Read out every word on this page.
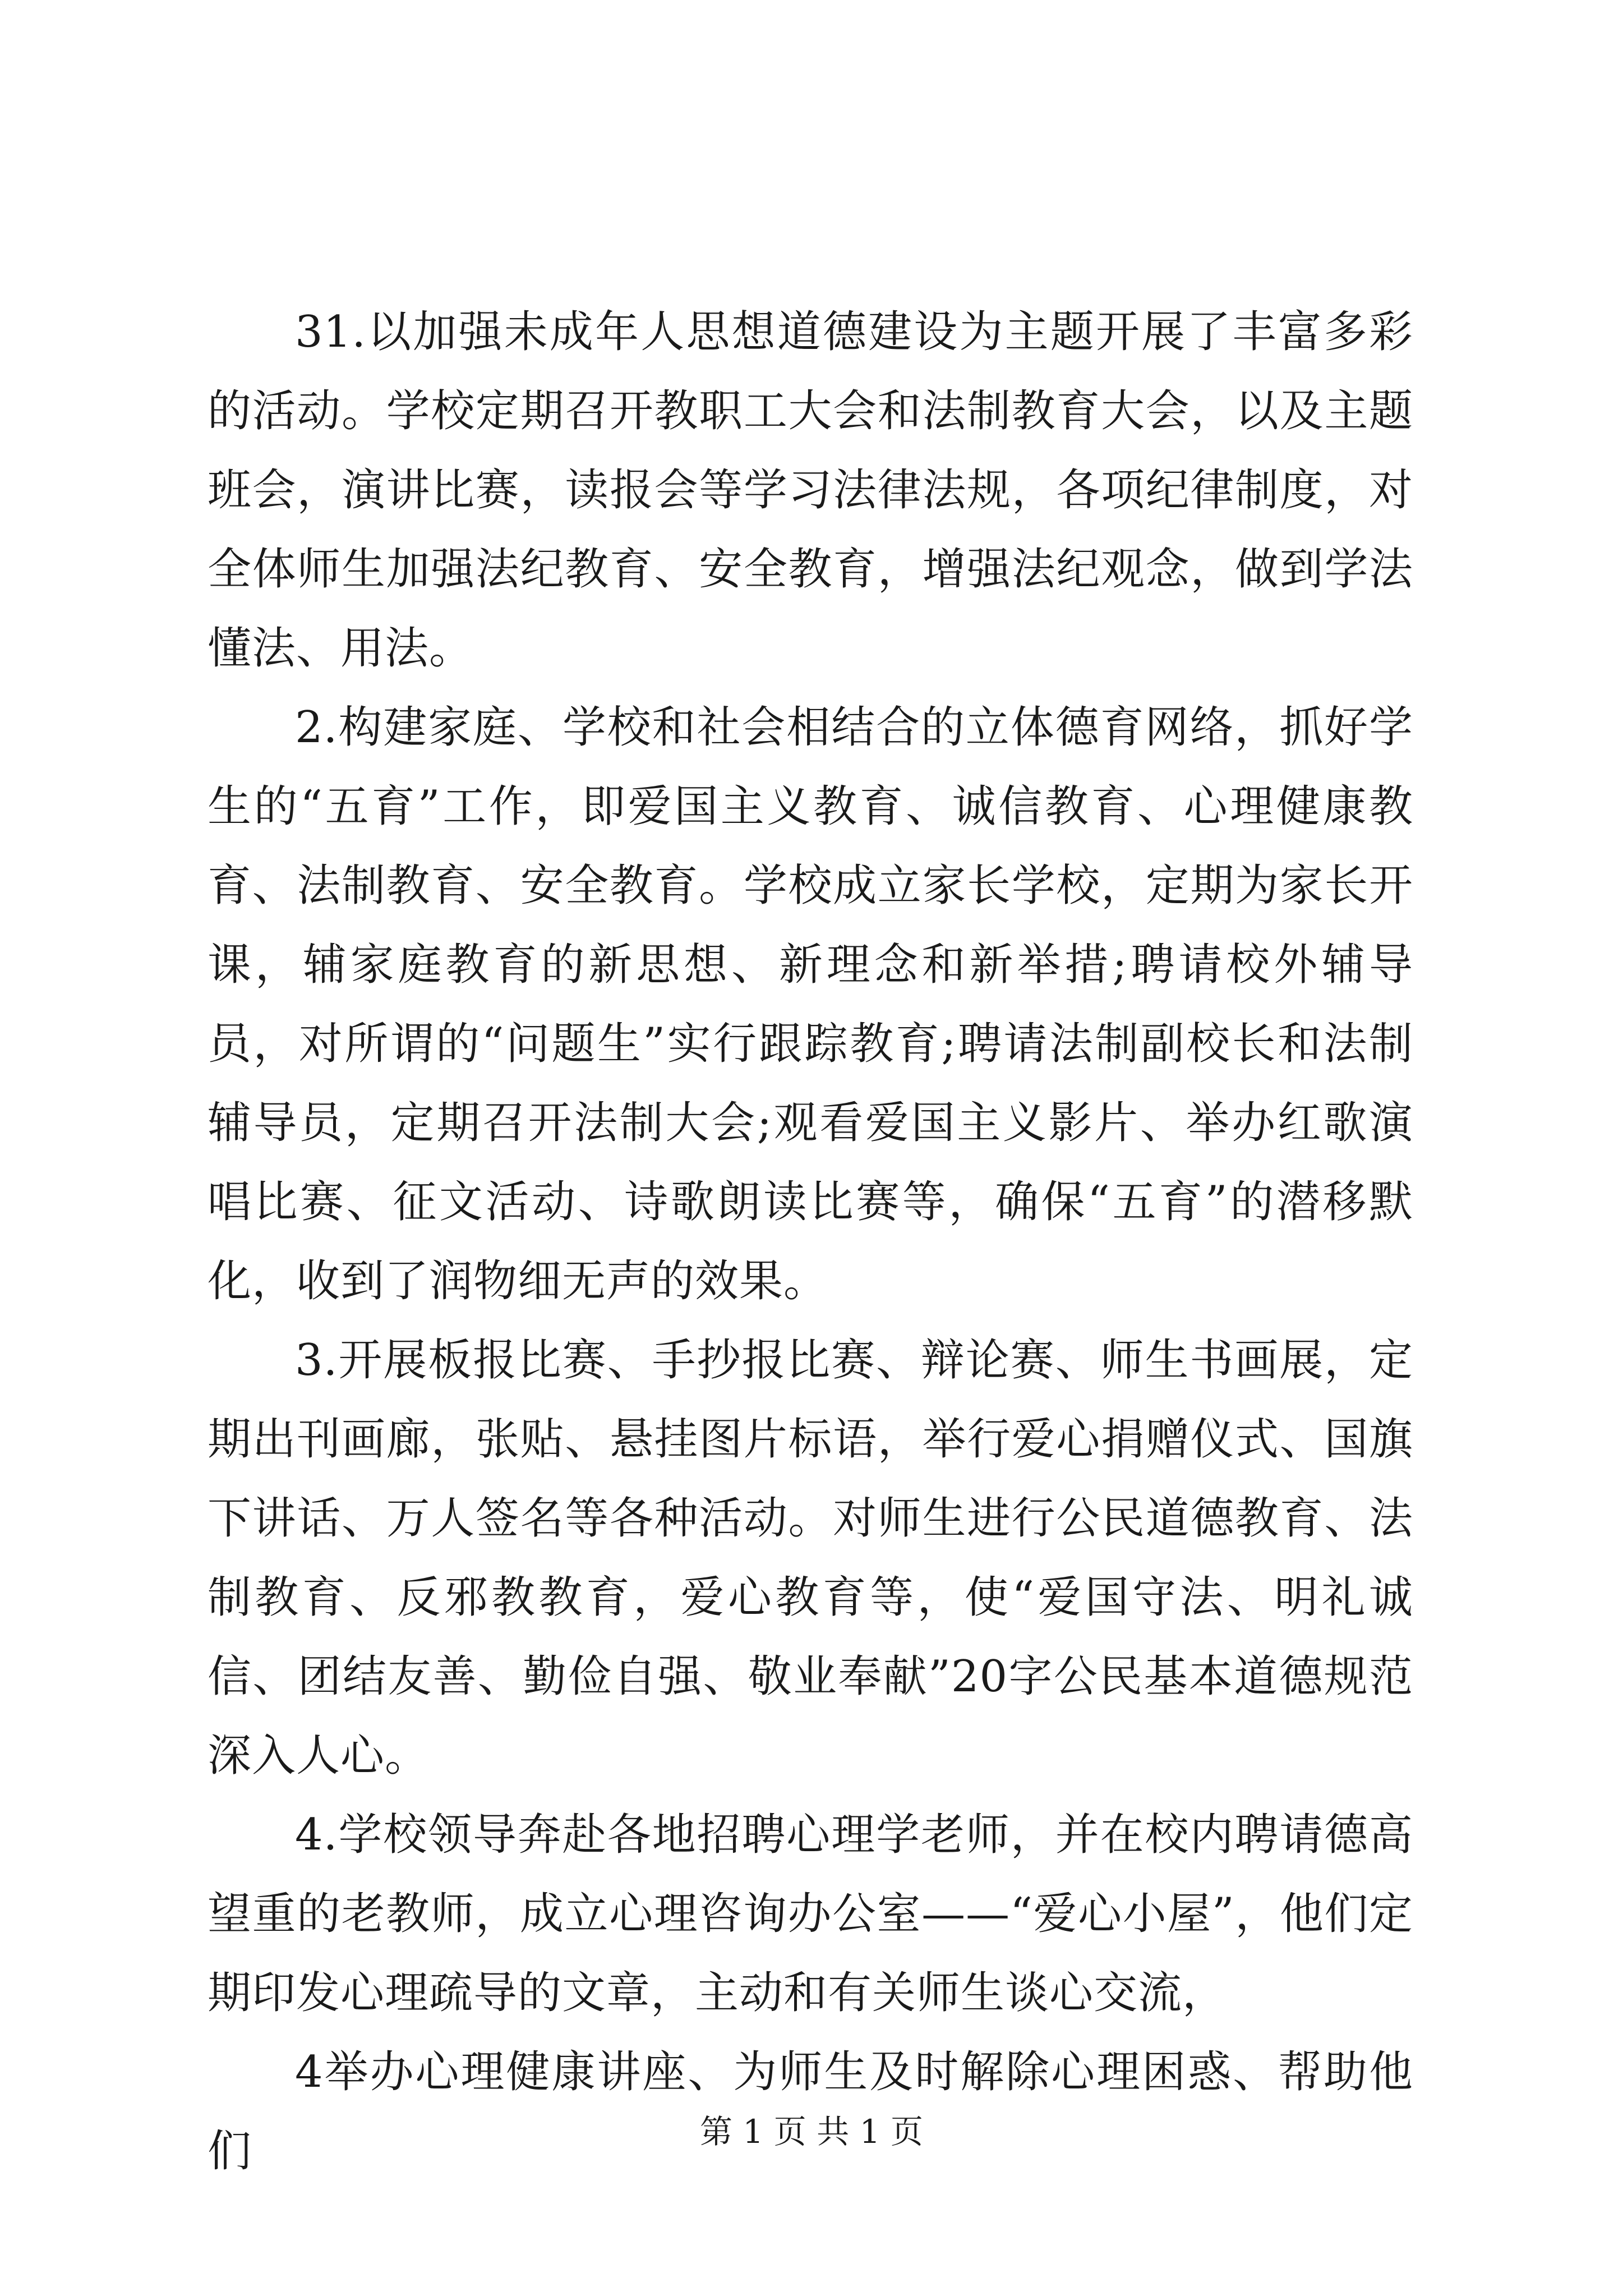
31.以加强未成年人思想道德建设为主题开展了丰富多彩的活动。学校定期召开教职工大会和法制教育大会，以及主题班会，演讲比赛，读报会等学习法律法规，各项纪律制度，对全体师生加强法纪教育、安全教育，增强法纪观念，做到学法懂法、用法。

2.构建家庭、学校和社会相结合的立体德育网络，抓好学生的“五育”工作，即爱国主义教育、诚信教育、心理健康教育、法制教育、安全教育。学校成立家长学校，定期为家长开课，辅家庭教育的新思想、新理念和新举措;聘请校外辅导员，对所谓的“问题生”实行跟踪教育;聘请法制副校长和法制辅导员，定期召开法制大会;观看爱国主义影片、举办红歌演唱比赛、征文活动、诗歌朗读比赛等，确保“五育”的潜移默化，收到了润物细无声的效果。

3.开展板报比赛、手抄报比赛、辩论赛、师生书画展，定期出刊画廊，张贴、悬挂图片标语，举行爱心捐赠仪式、国旗下讲话、万人签名等各种活动。对师生进行公民道德教育、法制教育、反邪教教育，爱心教育等，使“爱国守法、明礼诚信、团结友善、勤俭自强、敬业奉献”20字公民基本道德规范深入人心。

4.学校领导奔赴各地招聘心理学老师，并在校内聘请德高望重的老教师，成立心理咨询办公室——“爱心小屋”，他们定期印发心理疏导的文章，主动和有关师生谈心交流，

4举办心理健康讲座、为师生及时解除心理困惑、帮助他们	第 1 页 共 1 页
